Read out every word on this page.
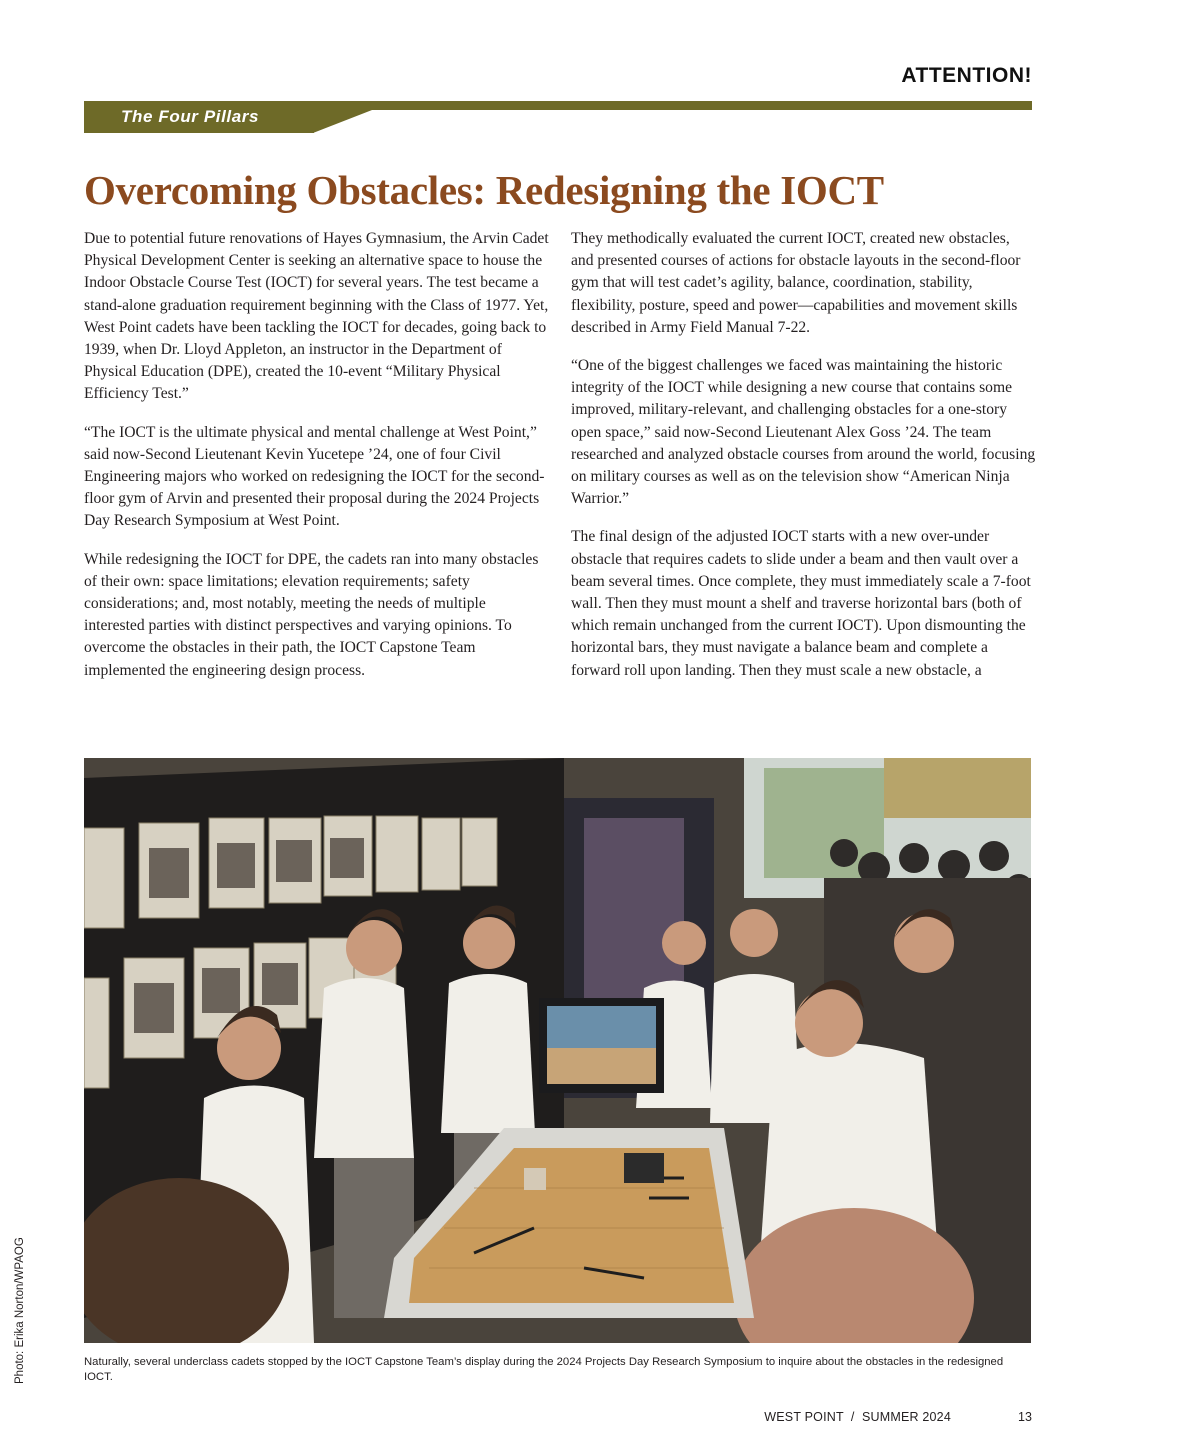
ATTENTION!
The Four Pillars
Overcoming Obstacles: Redesigning the IOCT

Due to potential future renovations of Hayes Gymnasium, the Arvin Cadet Physical Development Center is seeking an alternative space to house the Indoor Obstacle Course Test (IOCT) for several years. The test became a stand-alone graduation requirement beginning with the Class of 1977. Yet, West Point cadets have been tackling the IOCT for decades, going back to 1939, when Dr. Lloyd Appleton, an instructor in the Department of Physical Education (DPE), created the 10-event “Military Physical Efficiency Test.”

“The IOCT is the ultimate physical and mental challenge at West Point,” said now-Second Lieutenant Kevin Yucetepe ’24, one of four Civil Engineering majors who worked on redesigning the IOCT for the second-floor gym of Arvin and presented their proposal during the 2024 Projects Day Research Symposium at West Point.

While redesigning the IOCT for DPE, the cadets ran into many obstacles of their own: space limitations; elevation requirements; safety considerations; and, most notably, meeting the needs of multiple interested parties with distinct perspectives and varying opinions. To overcome the obstacles in their path, the IOCT Capstone Team implemented the engineering design process.

They methodically evaluated the current IOCT, created new obstacles, and presented courses of actions for obstacle layouts in the second-floor gym that will test cadet’s agility, balance, coordination, stability, flexibility, posture, speed and power—capabilities and movement skills described in Army Field Manual 7-22.

“One of the biggest challenges we faced was maintaining the historic integrity of the IOCT while designing a new course that contains some improved, military-relevant, and challenging obstacles for a one-story open space,” said now-Second Lieutenant Alex Goss ’24. The team researched and analyzed obstacle courses from around the world, focusing on military courses as well as on the television show “American Ninja Warrior.”

The final design of the adjusted IOCT starts with a new over-under obstacle that requires cadets to slide under a beam and then vault over a beam several times. Once complete, they must immediately scale a 7-foot wall. Then they must mount a shelf and traverse horizontal bars (both of which remain unchanged from the current IOCT). Upon dismounting the horizontal bars, they must navigate a balance beam and complete a forward roll upon landing. Then they must scale a new obstacle, a

Photo: Erika Norton/WPAOG	Naturally, several underclass cadets stopped by the IOCT Capstone Team’s display during the 2024 Projects Day Research Symposium to inquire about the obstacles in the redesigned IOCT.
WEST POINT  /  SUMMER 2024	13
